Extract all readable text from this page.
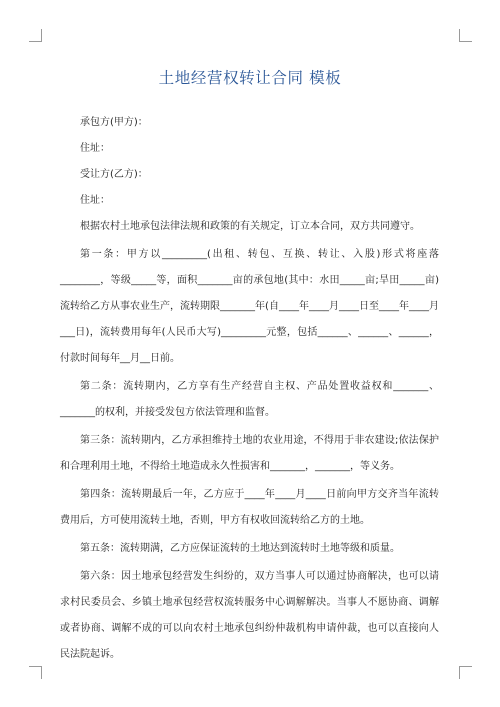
土地经营权转让合同 模板

承包方(甲方)：

住址：

受让方(乙方)：

住址：

根据农村土地承包法律法规和政策的有关规定，订立本合同，双方共同遵守。

第一条：甲方以_________(出租、转包、互换、转让、入股)形式将座落________，等级_____等，面积_______亩的承包地(其中：水田_____亩;旱田_____亩)流转给乙方从事农业生产，流转期限_______年(自____年____月____日至____年____月___日)，流转费用每年(人民币大写)_________元整，包括______、______、______，付款时间每年__月__日前。

第二条：流转期内，乙方享有生产经营自主权、产品处置收益权和_______、_______的权利，并接受发包方依法管理和监督。

第三条：流转期内，乙方承担维持土地的农业用途，不得用于非农建设;依法保护和合理利用土地，不得给土地造成永久性损害和_______，_______，等义务。

第四条：流转期最后一年，乙方应于____年____月____日前向甲方交齐当年流转费用后，方可使用流转土地，否则，甲方有权收回流转给乙方的土地。

第五条：流转期满，乙方应保证流转的土地达到流转时土地等级和质量。

第六条：因土地承包经营发生纠纷的，双方当事人可以通过协商解决，也可以请求村民委员会、乡镇土地承包经营权流转服务中心调解解决。当事人不愿协商、调解或者协商、调解不成的可以向农村土地承包纠纷仲裁机构申请仲裁，也可以直接向人民法院起诉。
